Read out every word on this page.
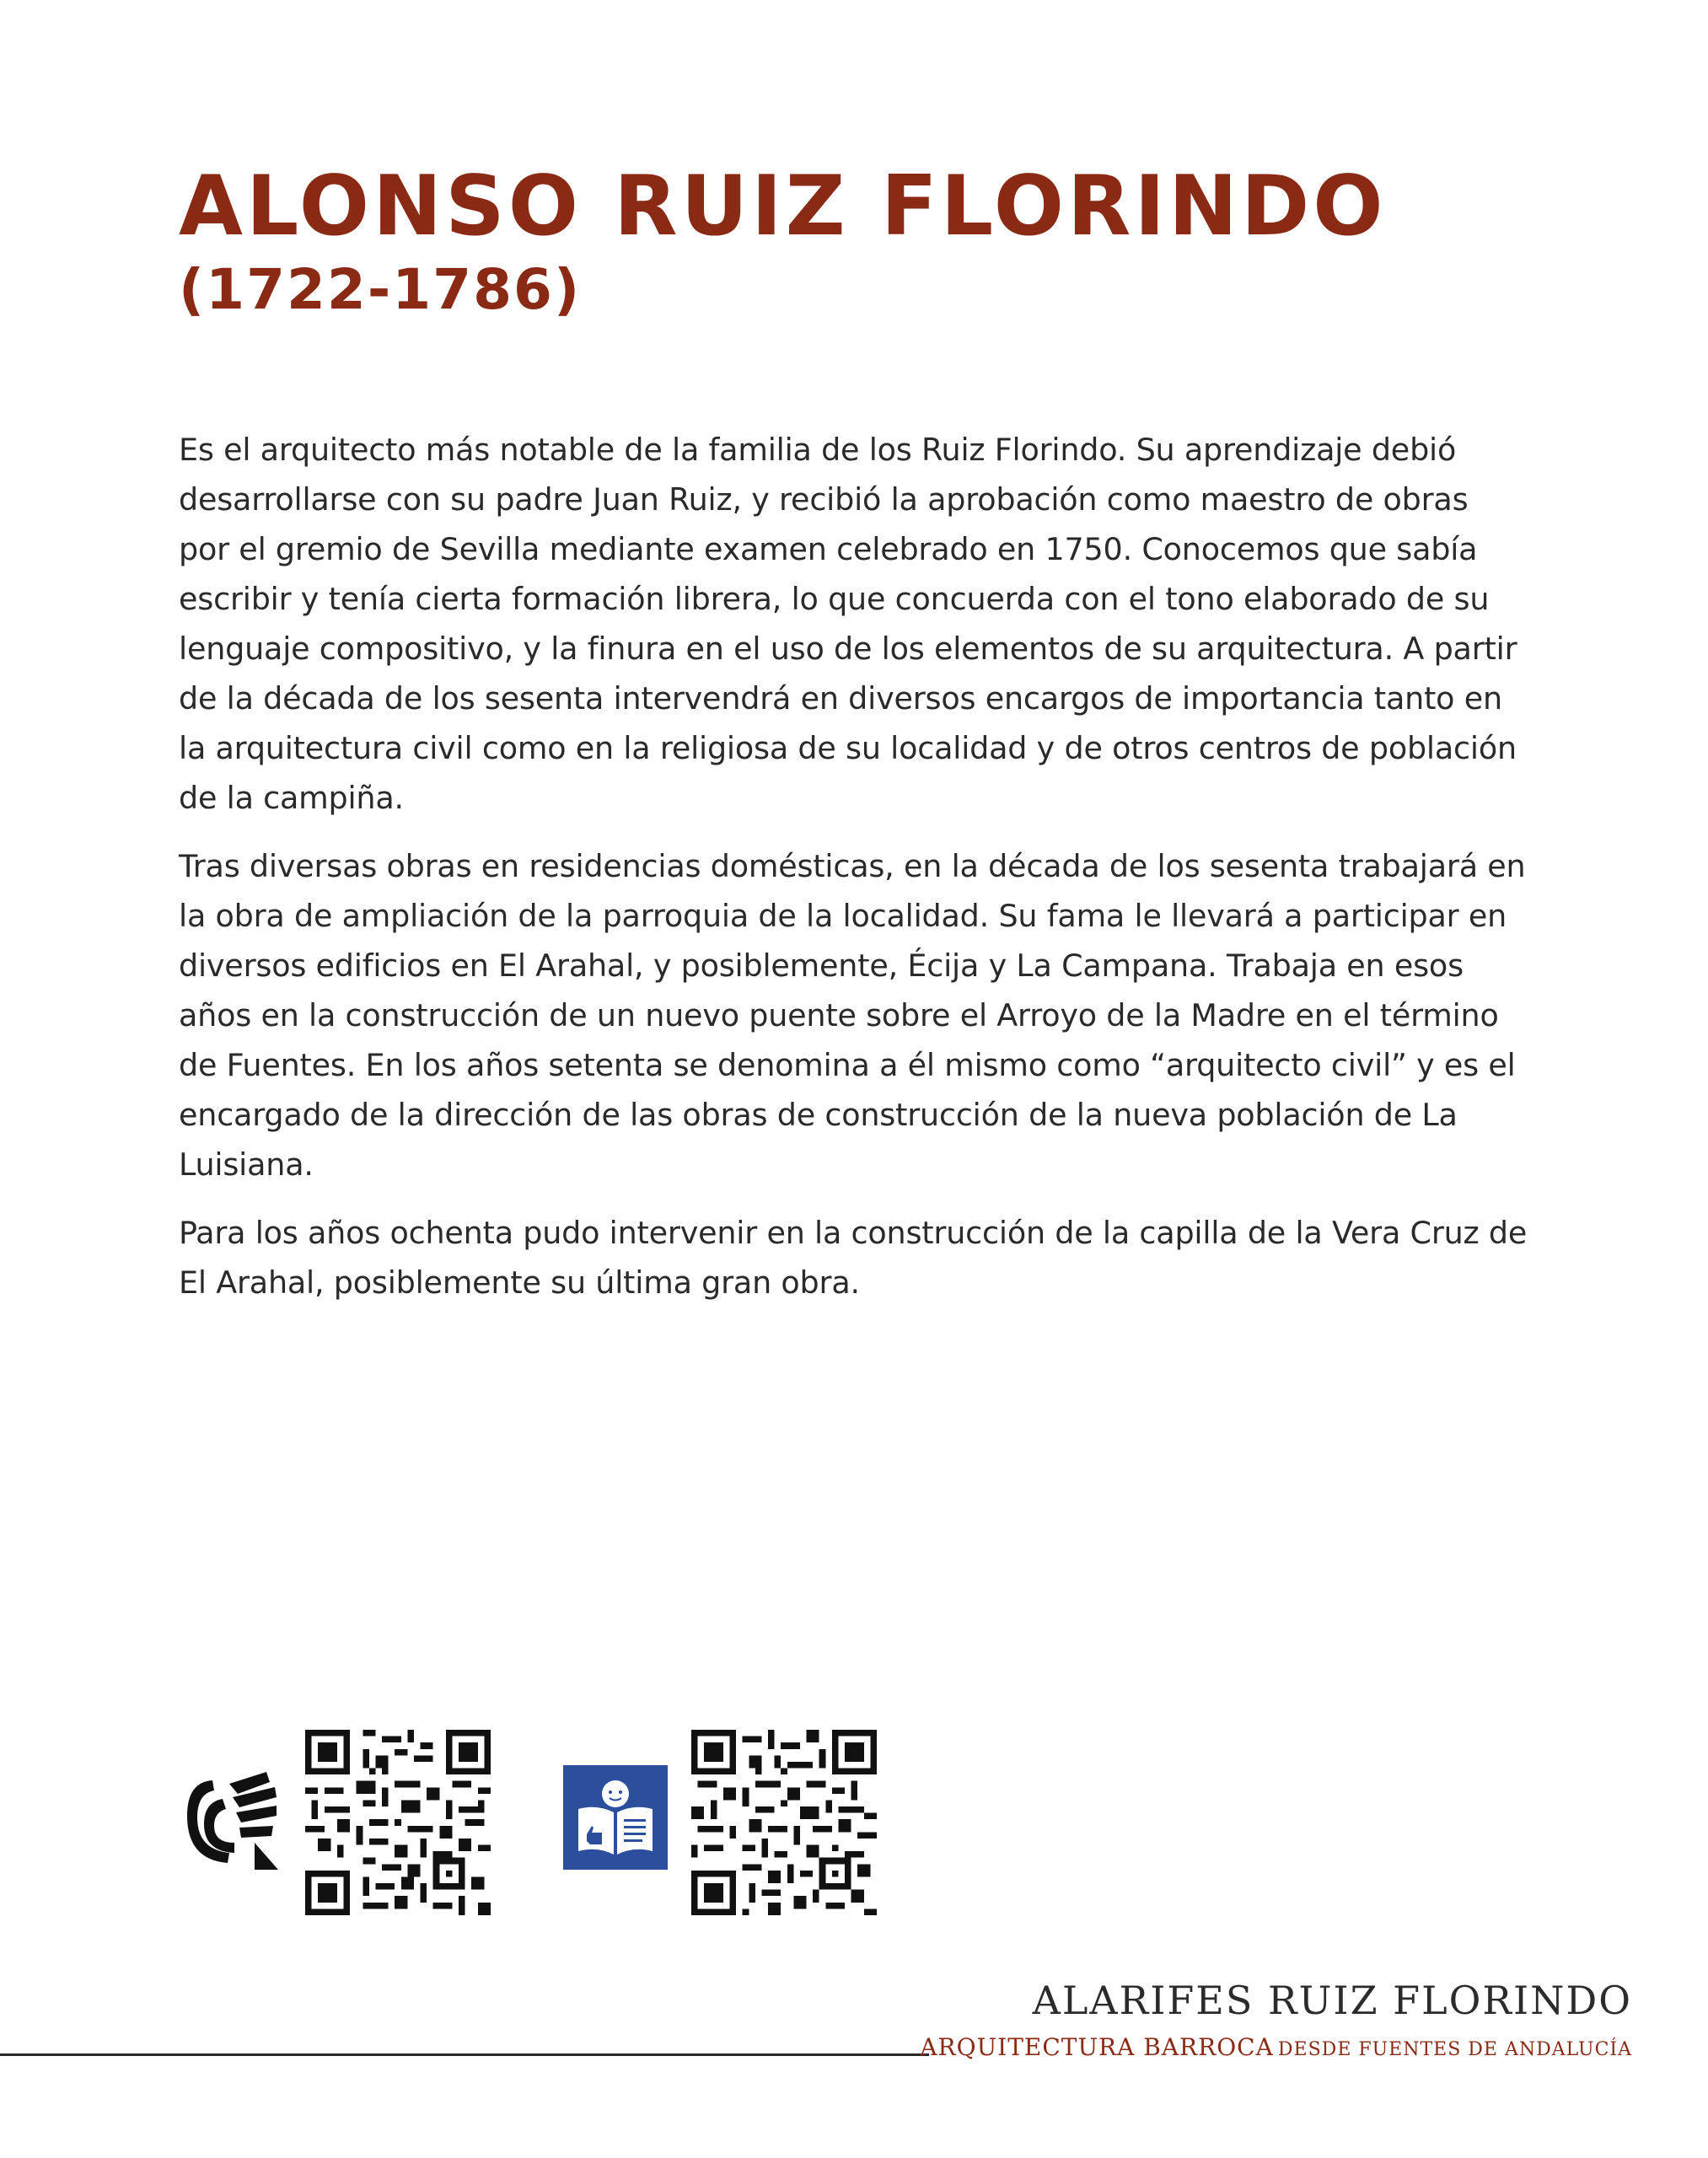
ALONSO RUIZ FLORINDO
(1722-1786)

Es el arquitecto más notable de la familia de los Ruiz Florindo. Su aprendizaje debió desarrollarse con su padre Juan Ruiz, y recibió la aprobación como maestro de obras por el gremio de Sevilla mediante examen celebrado en 1750. Conocemos que sabía escribir y tenía cierta formación librera, lo que concuerda con el tono elaborado de su lenguaje compositivo, y la finura en el uso de los elementos de su arquitectura. A partir de la década de los sesenta intervendrá en diversos encargos de importancia tanto en la arquitectura civil como en la religiosa de su localidad y de otros centros de población de la campiña.

Tras diversas obras en residencias domésticas, en la década de los sesenta trabajará en la obra de ampliación de la parroquia de la localidad. Su fama le llevará a participar en diversos edificios en El Arahal, y posiblemente, Écija y La Campana. Trabaja en esos años en la construcción de un nuevo puente sobre el Arroyo de la Madre en el término de Fuentes. En los años setenta se denomina a él mismo como “arquitecto civil” y es el encargado de la dirección de las obras de construcción de la nueva población de La Luisiana.

Para los años ochenta pudo intervenir en la construcción de la capilla de la Vera Cruz de El Arahal, posiblemente su última gran obra.

ALARIFES RUIZ FLORINDO
ARQUITECTURA BARROCA DESDE FUENTES DE ANDALUCÍA
